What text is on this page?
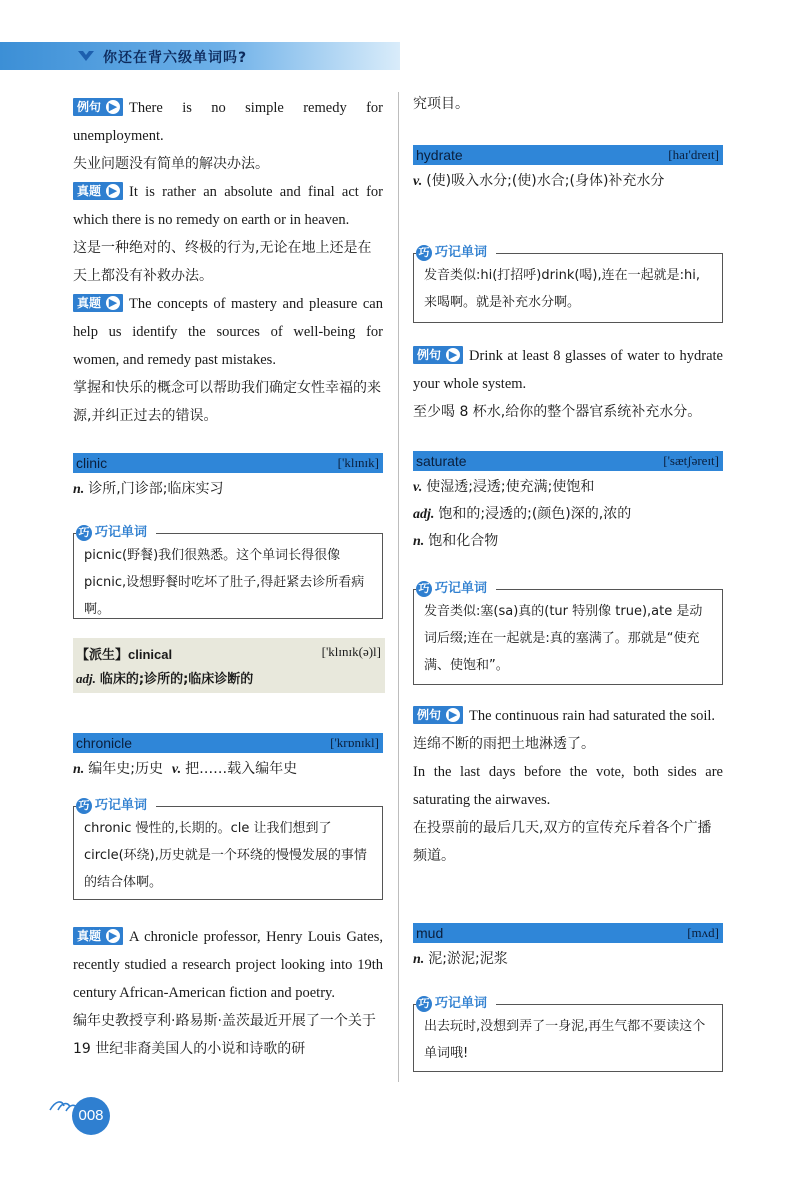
你还在背六级单词吗?

例句 ▶ There is no simple remedy for unemployment.

失业问题没有简单的解决办法。

真题 ▶ It is rather an absolute and final act for which there is no remedy on earth or in heaven.

这是一种绝对的、终极的行为,无论在地上还是在天上都没有补救办法。

真题 ▶ The concepts of mastery and pleasure can help us identify the sources of well-being for women, and remedy past mistakes.

掌握和快乐的概念可以帮助我们确定女性幸福的来源,并纠正过去的错误。

clinic	['klɪnɪk]

n. 诊所,门诊部;临床实习

巧 巧记单词

picnic(野餐)我们很熟悉。这个单词长得很像 picnic,设想野餐时吃坏了肚子,得赶紧去诊所看病啊。

【派生】clinical	['klɪnɪk(ə)l]
adj. 临床的;诊所的;临床诊断的
chronicle	['krɒnɪkl]

n. 编年史;历史 v. 把……载入编年史

巧 巧记单词

chronic 慢性的,长期的。cle 让我们想到了 circle(环绕),历史就是一个环绕的慢慢发展的事情的结合体啊。

真题 ▶ A chronicle professor, Henry Louis Gates, recently studied a research project looking into 19th century African-American fiction and poetry.

编年史教授亨利·路易斯·盖茨最近开展了一个关于 19 世纪非裔美国人的小说和诗歌的研

究项目。

hydrate	[haɪ'dreɪt]

v. (使)吸入水分;(使)水合;(身体)补充水分

巧 巧记单词

发音类似:hi(打招呼)drink(喝),连在一起就是:hi,来喝啊。就是补充水分啊。

例句 ▶ Drink at least 8 glasses of water to hydrate your whole system.

至少喝 8 杯水,给你的整个器官系统补充水分。

saturate	['sætʃəreɪt]

v. 使湿透;浸透;使充满;使饱和

adj. 饱和的;浸透的;(颜色)深的,浓的

n. 饱和化合物

巧 巧记单词

发音类似:塞(sa)真的(tur 特别像 true),ate 是动词后缀;连在一起就是:真的塞满了。那就是“使充满、使饱和”。

例句 ▶ The continuous rain had saturated the soil.

连绵不断的雨把土地淋透了。

In the last days before the vote, both sides are saturating the airwaves.

在投票前的最后几天,双方的宣传充斥着各个广播频道。

mud	[mʌd]

n. 泥;淤泥;泥浆

巧 巧记单词

出去玩时,没想到弄了一身泥,再生气都不要读这个单词哦!

008
